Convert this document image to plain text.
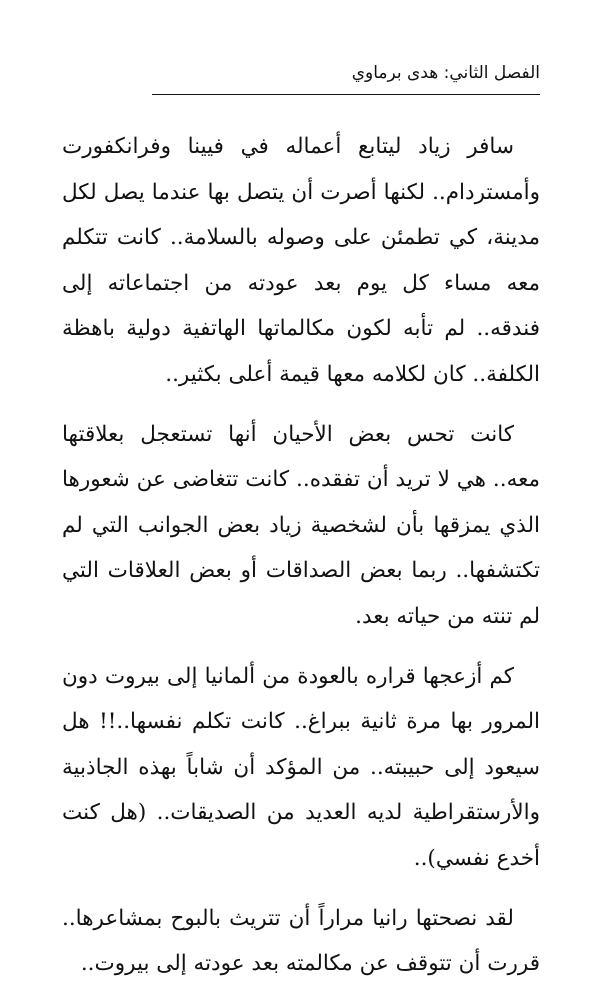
الفصل الثاني: هدى برماوي

سافر زياد ليتابع أعماله في فيينا وفرانكفورت وأمستردام.. لكنها أصرت أن يتصل بها عندما يصل لكل مدينة، كي تطمئن على وصوله بالسلامة.. كانت تتكلم معه مساء كل يوم بعد عودته من اجتماعاته إلى فندقه.. لم تأبه لكون مكالماتها الهاتفية دولية باهظة الكلفة.. كان لكلامه معها قيمة أعلى بكثير..

كانت تحس بعض الأحيان أنها تستعجل بعلاقتها معه.. هي لا تريد أن تفقده.. كانت تتغاضى عن شعورها الذي يمزقها بأن لشخصية زياد بعض الجوانب التي لم تكتشفها.. ربما بعض الصداقات أو بعض العلاقات التي لم تنته من حياته بعد.

كم أزعجها قراره بالعودة من ألمانيا إلى بيروت دون المرور بها مرة ثانية ببراغ.. كانت تكلم نفسها..!! هل سيعود إلى حبيبته.. من المؤكد أن شاباً بهذه الجاذبية والأرستقراطية لديه العديد من الصديقات.. (هل كنت أخدع نفسي)..

لقد نصحتها رانيا مراراً أن تتريث بالبوح بمشاعرها.. قررت أن تتوقف عن مكالمته بعد عودته إلى بيروت..
